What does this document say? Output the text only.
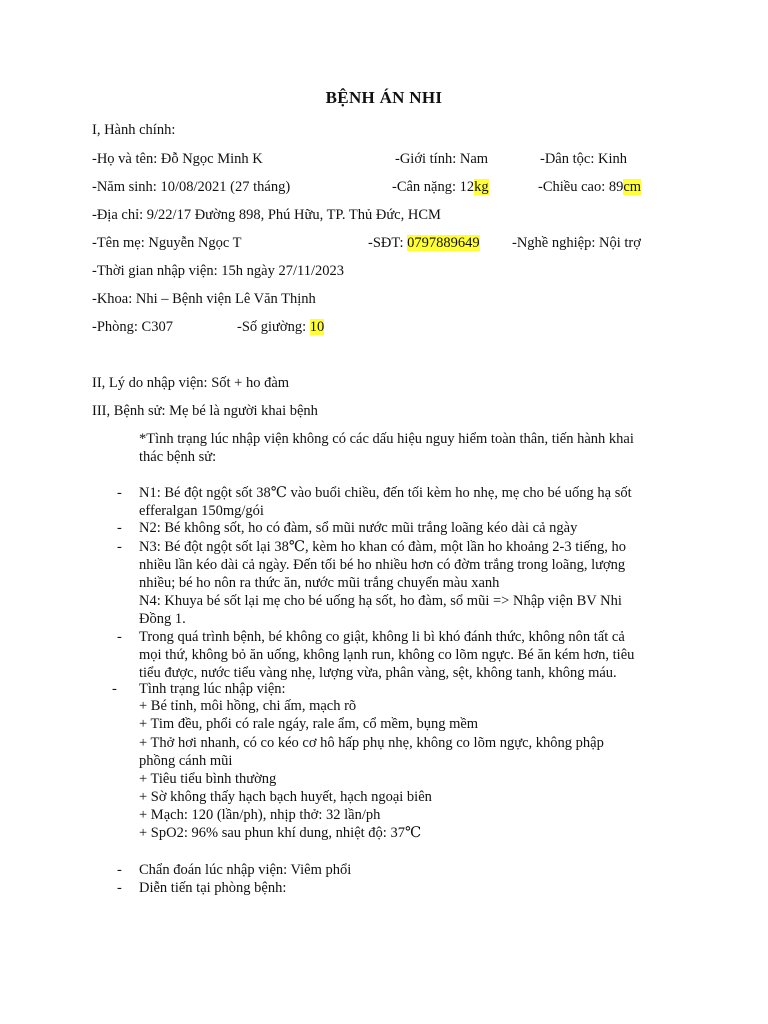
BỆNH ÁN NHI
I, Hành chính:
-Họ và tên: Đỗ Ngọc Minh K	-Giới tính: Nam	-Dân tộc: Kinh
-Năm sinh: 10/08/2021 (27 tháng)	-Cân nặng: 12kg	-Chiều cao: 89cm
-Địa chỉ: 9/22/17 Đường 898, Phú Hữu, TP. Thủ Đức, HCM
-Tên mẹ: Nguyễn Ngọc T	-SĐT: 0797889649 -Nghề nghiệp: Nội trợ
-Thời gian nhập viện: 15h ngày 27/11/2023
-Khoa: Nhi – Bệnh viện Lê Văn Thịnh
-Phòng: C307	-Số giường: 10
II, Lý do nhập viện: Sốt + ho đàm
III, Bệnh sử: Mẹ bé là người khai bệnh
*Tình trạng lúc nhập viện không có các dấu hiệu nguy hiểm toàn thân, tiến hành khai
thác bệnh sử:
- N1: Bé đột ngột sốt 38℃ vào buổi chiều, đến tối kèm ho nhẹ, mẹ cho bé uống hạ sốt
efferalgan 150mg/gói
- N2: Bé không sốt, ho có đàm, sổ mũi nước mũi trắng loãng kéo dài cả ngày
- N3: Bé đột ngột sốt lại 38℃, kèm ho khan có đàm, một lần ho khoảng 2-3 tiếng, ho
nhiều lần kéo dài cả ngày. Đến tối bé ho nhiều hơn có đờm trắng trong loãng, lượng
nhiều; bé ho nôn ra thức ăn, nước mũi trắng chuyển màu xanh
N4: Khuya bé sốt lại mẹ cho bé uống hạ sốt, ho đàm, sổ mũi => Nhập viện BV Nhi
Đồng 1.
- Trong quá trình bệnh, bé không co giật, không li bì khó đánh thức, không nôn tất cả
mọi thứ, không bỏ ăn uống, không lạnh run, không co lõm ngực. Bé ăn kém hơn, tiêu
tiểu được, nước tiểu vàng nhẹ, lượng vừa, phân vàng, sệt, không tanh, không máu.
- Tình trạng lúc nhập viện:
+ Bé tỉnh, môi hồng, chi ấm, mạch rõ
+ Tim đều, phổi có rale ngáy, rale ẩm, cổ mềm, bụng mềm
+ Thở hơi nhanh, có co kéo cơ hô hấp phụ nhẹ, không co lõm ngực, không phập
phồng cánh mũi
+ Tiêu tiểu bình thường
+ Sờ không thấy hạch bạch huyết, hạch ngoại biên
+ Mạch: 120 (lần/ph), nhịp thở: 32 lần/ph
+ SpO2: 96% sau phun khí dung, nhiệt độ: 37℃
- Chẩn đoán lúc nhập viện: Viêm phổi
- Diễn tiến tại phòng bệnh:
